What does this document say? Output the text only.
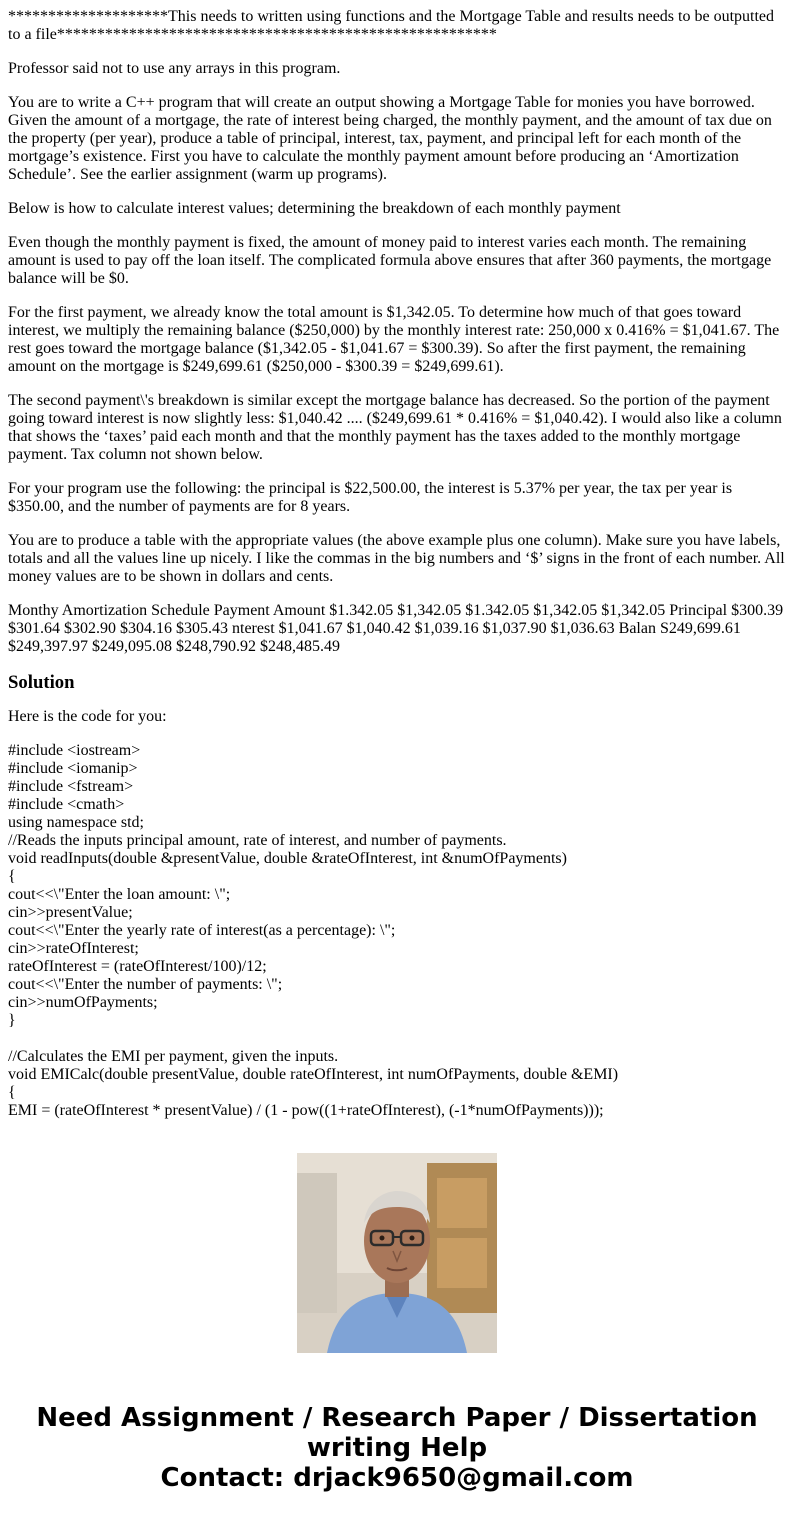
********************This needs to written using functions and the Mortgage Table and results needs to be outputted to a file*******************************************************

Professor said not to use any arrays in this program.

You are to write a C++ program that will create an output showing a Mortgage Table for monies you have borrowed. Given the amount of a mortgage, the rate of interest being charged, the monthly payment, and the amount of tax due on the property (per year), produce a table of principal, interest, tax, payment, and principal left for each month of the mortgage’s existence. First you have to calculate the monthly payment amount before producing an ‘Amortization Schedule’. See the earlier assignment (warm up programs).

Below is how to calculate interest values; determining the breakdown of each monthly payment

Even though the monthly payment is fixed, the amount of money paid to interest varies each month. The remaining amount is used to pay off the loan itself. The complicated formula above ensures that after 360 payments, the mortgage balance will be $0.

For the first payment, we already know the total amount is $1,342.05. To determine how much of that goes toward interest, we multiply the remaining balance ($250,000) by the monthly interest rate: 250,000 x 0.416% = $1,041.67. The rest goes toward the mortgage balance ($1,342.05 - $1,041.67 = $300.39). So after the first payment, the remaining amount on the mortgage is $249,699.61 ($250,000 - $300.39 = $249,699.61).

The second payment\'s breakdown is similar except the mortgage balance has decreased. So the portion of the payment going toward interest is now slightly less: $1,040.42 .... ($249,699.61 * 0.416% = $1,040.42). I would also like a column that shows the ‘taxes’ paid each month and that the monthly payment has the taxes added to the monthly mortgage payment. Tax column not shown below.

For your program use the following: the principal is $22,500.00, the interest is 5.37% per year, the tax per year is $350.00, and the number of payments are for 8 years.

You are to produce a table with the appropriate values (the above example plus one column). Make sure you have labels, totals and all the values line up nicely. I like the commas in the big numbers and ‘$’ signs in the front of each number. All money values are to be shown in dollars and cents.

Monthy Amortization Schedule Payment Amount $1.342.05 $1,342.05 $1.342.05 $1,342.05 $1,342.05 Principal $300.39 $301.64 $302.90 $304.16 $305.43 nterest $1,041.67 $1,040.42 $1,039.16 $1,037.90 $1,036.63 Balan S249,699.61 $249,397.97 $249,095.08 $248,790.92 $248,485.49

Solution

Here is the code for you:

#include <iostream>
#include <iomanip>
#include <fstream>
#include <cmath>
using namespace std;
//Reads the inputs principal amount, rate of interest, and number of payments.
void readInputs(double &presentValue, double &rateOfInterest, int &numOfPayments)
{
cout<<\"Enter the loan amount: \";
cin>>presentValue;
cout<<\"Enter the yearly rate of interest(as a percentage): \";
cin>>rateOfInterest;
rateOfInterest = (rateOfInterest/100)/12;
cout<<\"Enter the number of payments: \";
cin>>numOfPayments;
}
//Calculates the EMI per payment, given the inputs.
void EMICalc(double presentValue, double rateOfInterest, int numOfPayments, double &EMI)
{
EMI = (rateOfInterest * presentValue) / (1 - pow((1+rateOfInterest), (-1*numOfPayments)));
Need Assignment / Research Paper / Dissertation
writing Help
Contact: drjack9650@gmail.com
